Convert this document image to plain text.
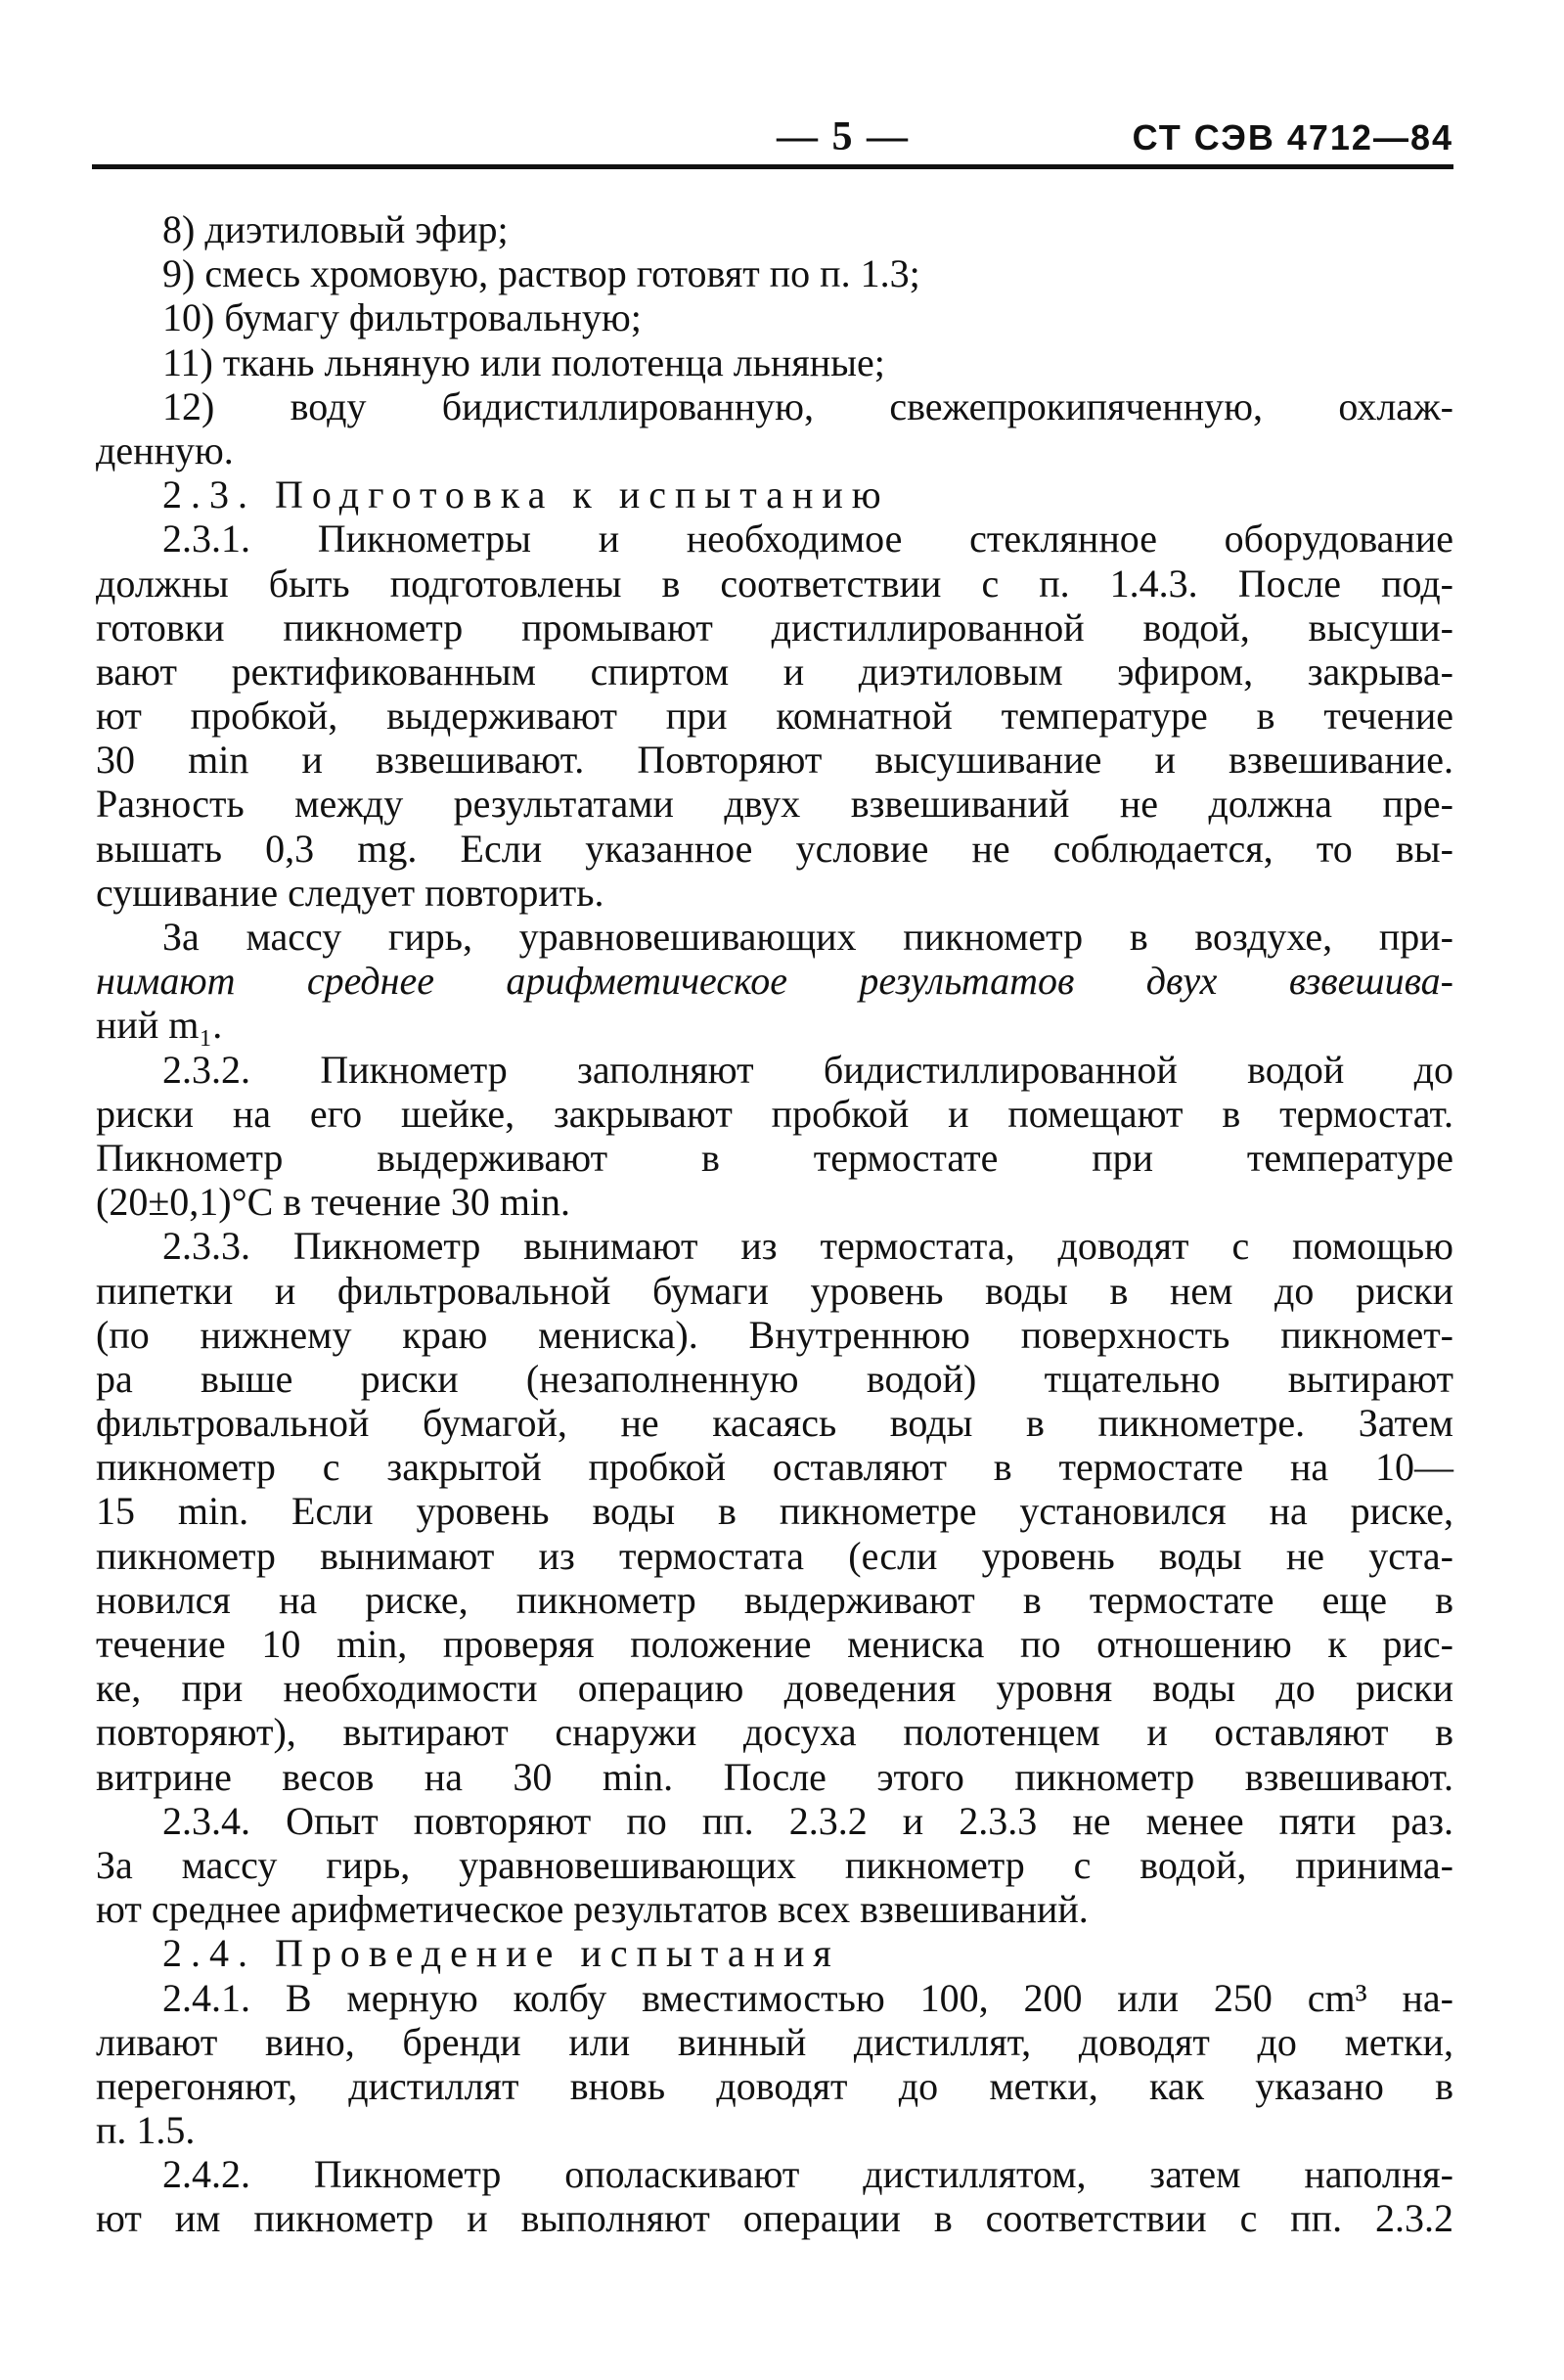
— 5 —	СТ СЭВ 4712—84
8) диэтиловый эфир;
9) смесь хромовую, раствор готовят по п. 1.3;
10) бумагу фильтровальную;
11) ткань льняную или полотенца льняные;
12) воду бидистиллированную, свежепрокипяченную, охлаж-
денную.
2.3. Подготовка к испытанию
2.3.1. Пикнометры и необходимое стеклянное оборудование
должны быть подготовлены в соответствии с п. 1.4.3. После под-
готовки пикнометр промывают дистиллированной водой, высуши-
вают ректификованным спиртом и диэтиловым эфиром, закрыва-
ют пробкой, выдерживают при комнатной температуре в течение
30 min и взвешивают. Повторяют высушивание и взвешивание.
Разность между результатами двух взвешиваний не должна пре-
вышать 0,3 mg. Если указанное условие не соблюдается, то вы-
сушивание следует повторить.
За массу гирь, уравновешивающих пикнометр в воздухе, при-
нимают среднее арифметическое результатов двух взвешива-
ний m₁.
2.3.2. Пикнометр заполняют бидистиллированной водой до
риски на его шейке, закрывают пробкой и помещают в термостат.
Пикнометр выдерживают в термостате при температуре
(20±0,1)°С в течение 30 min.
2.3.3. Пикнометр вынимают из термостата, доводят с помощью
пипетки и фильтровальной бумаги уровень воды в нем до риски
(по нижнему краю мениска). Внутреннюю поверхность пикномет-
ра выше риски (незаполненную водой) тщательно вытирают
фильтровальной бумагой, не касаясь воды в пикнометре. Затем
пикнометр с закрытой пробкой оставляют в термостате на 10—
15 min. Если уровень воды в пикнометре установился на риске,
пикнометр вынимают из термостата (если уровень воды не уста-
новился на риске, пикнометр выдерживают в термостате еще в
течение 10 min, проверяя положение мениска по отношению к рис-
ке, при необходимости операцию доведения уровня воды до риски
повторяют), вытирают снаружи досуха полотенцем и оставляют в
витрине весов на 30 min. После этого пикнометр взвешивают.
2.3.4. Опыт повторяют по пп. 2.3.2 и 2.3.3 не менее пяти раз.
За массу гирь, уравновешивающих пикнометр с водой, принима-
ют среднее арифметическое результатов всех взвешиваний.
2.4. Проведение испытания
2.4.1. В мерную колбу вместимостью 100, 200 или 250 cm³ на-
ливают вино, бренди или винный дистиллят, доводят до метки,
перегоняют, дистиллят вновь доводят до метки, как указано в
п. 1.5.
2.4.2. Пикнометр ополаскивают дистиллятом, затем наполня-
ют им пикнометр и выполняют операции в соответствии с пп. 2.3.2
